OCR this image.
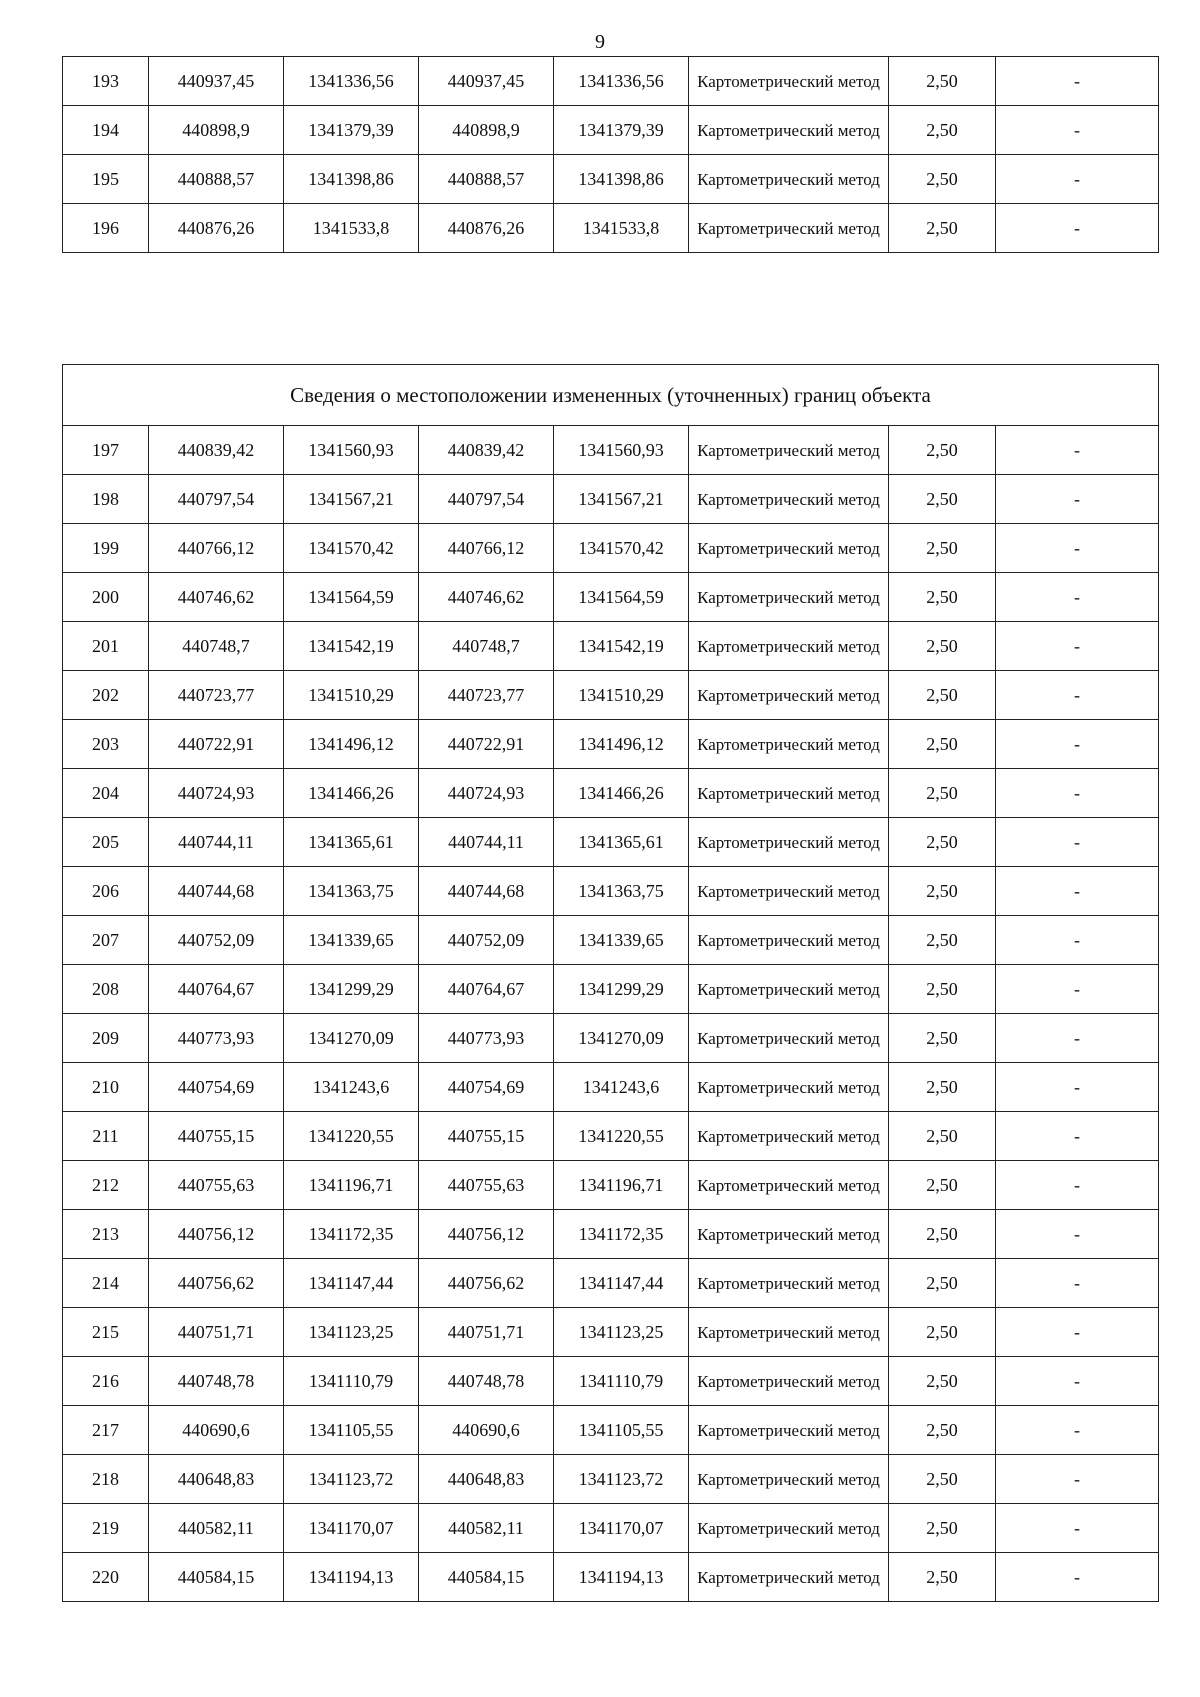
9
193	440937,45	1341336,56	440937,45	1341336,56	Картометрический метод	2,50	-
194	440898,9	1341379,39	440898,9	1341379,39	Картометрический метод	2,50	-
195	440888,57	1341398,86	440888,57	1341398,86	Картометрический метод	2,50	-
196	440876,26	1341533,8	440876,26	1341533,8	Картометрический метод	2,50	-
Сведения о местоположении измененных (уточненных) границ объекта							
197	440839,42	1341560,93	440839,42	1341560,93	Картометрический метод	2,50	-
198	440797,54	1341567,21	440797,54	1341567,21	Картометрический метод	2,50	-
199	440766,12	1341570,42	440766,12	1341570,42	Картометрический метод	2,50	-
200	440746,62	1341564,59	440746,62	1341564,59	Картометрический метод	2,50	-
201	440748,7	1341542,19	440748,7	1341542,19	Картометрический метод	2,50	-
202	440723,77	1341510,29	440723,77	1341510,29	Картометрический метод	2,50	-
203	440722,91	1341496,12	440722,91	1341496,12	Картометрический метод	2,50	-
204	440724,93	1341466,26	440724,93	1341466,26	Картометрический метод	2,50	-
205	440744,11	1341365,61	440744,11	1341365,61	Картометрический метод	2,50	-
206	440744,68	1341363,75	440744,68	1341363,75	Картометрический метод	2,50	-
207	440752,09	1341339,65	440752,09	1341339,65	Картометрический метод	2,50	-
208	440764,67	1341299,29	440764,67	1341299,29	Картометрический метод	2,50	-
209	440773,93	1341270,09	440773,93	1341270,09	Картометрический метод	2,50	-
210	440754,69	1341243,6	440754,69	1341243,6	Картометрический метод	2,50	-
211	440755,15	1341220,55	440755,15	1341220,55	Картометрический метод	2,50	-
212	440755,63	1341196,71	440755,63	1341196,71	Картометрический метод	2,50	-
213	440756,12	1341172,35	440756,12	1341172,35	Картометрический метод	2,50	-
214	440756,62	1341147,44	440756,62	1341147,44	Картометрический метод	2,50	-
215	440751,71	1341123,25	440751,71	1341123,25	Картометрический метод	2,50	-
216	440748,78	1341110,79	440748,78	1341110,79	Картометрический метод	2,50	-
217	440690,6	1341105,55	440690,6	1341105,55	Картометрический метод	2,50	-
218	440648,83	1341123,72	440648,83	1341123,72	Картометрический метод	2,50	-
219	440582,11	1341170,07	440582,11	1341170,07	Картометрический метод	2,50	-
220	440584,15	1341194,13	440584,15	1341194,13	Картометрический метод	2,50	-
